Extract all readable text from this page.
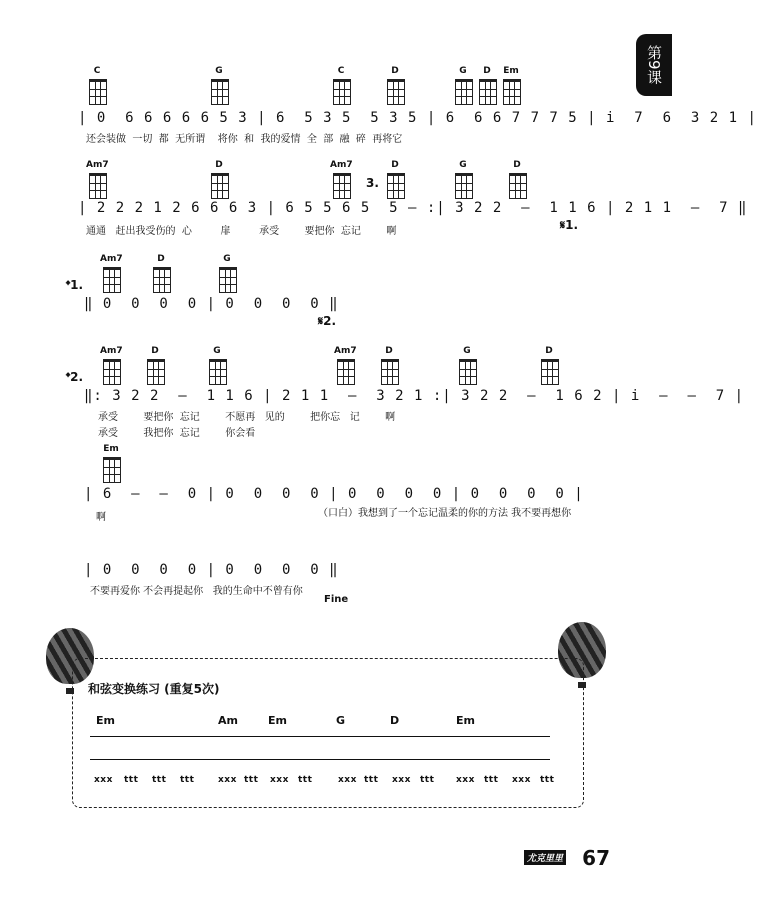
第9课
C	G	C	D	G	D	Em
| 0  6 6 6 6 6 5 3 | 6  5 3 5  5 3 5 | 6  6 6 7 7 7 5 | i  7  6  3 2 1 |
还会装做  一切  都  无所谓    将你  和  我的爱情  全  部  融  碎  再将它
Am7	D	Am7	D	G	D
3.
| 2 2 2 1 2 6 6 6 3 | 6 5 5 6 5  5 — :| 3 2 2  —  1 1 6 | 2 1 1  —  7 ‖
通通   赶出我受伤的  心         扉         承受        要把你  忘记        啊	𝄋1.
Am7	D	G
𝄌1.
‖ 0  0  0  0 | 0  0  0  0 ‖
𝄋2.
Am7	D	G	Am7	D	G	D
𝄌2.
‖: 3 2 2  —  1 1 6 | 2 1 1  —  3 2 1 :| 3 2 2  —  1 6 2 | i  —  —  7 |
承受        要把你  忘记        不愿再   见的        把你忘   记        啊
承受        我把你  忘记        你会看
Em
| 6  —  —  0 | 0  0  0  0 | 0  0  0  0 | 0  0  0  0 |
啊	（口白）我想到了一个忘记温柔的你的方法 我不要再想你
| 0  0  0  0 | 0  0  0  0 ‖
不要再爱你 不会再提起你   我的生命中不曾有你
Fine
和弦变换练习 (重复5次)
Em	Am	Em	G	D	Em
xxx ttt ttt ttt	xxx ttt xxx ttt	xxx ttt xxx ttt xxx ttt xxx ttt
尤克里里 67
